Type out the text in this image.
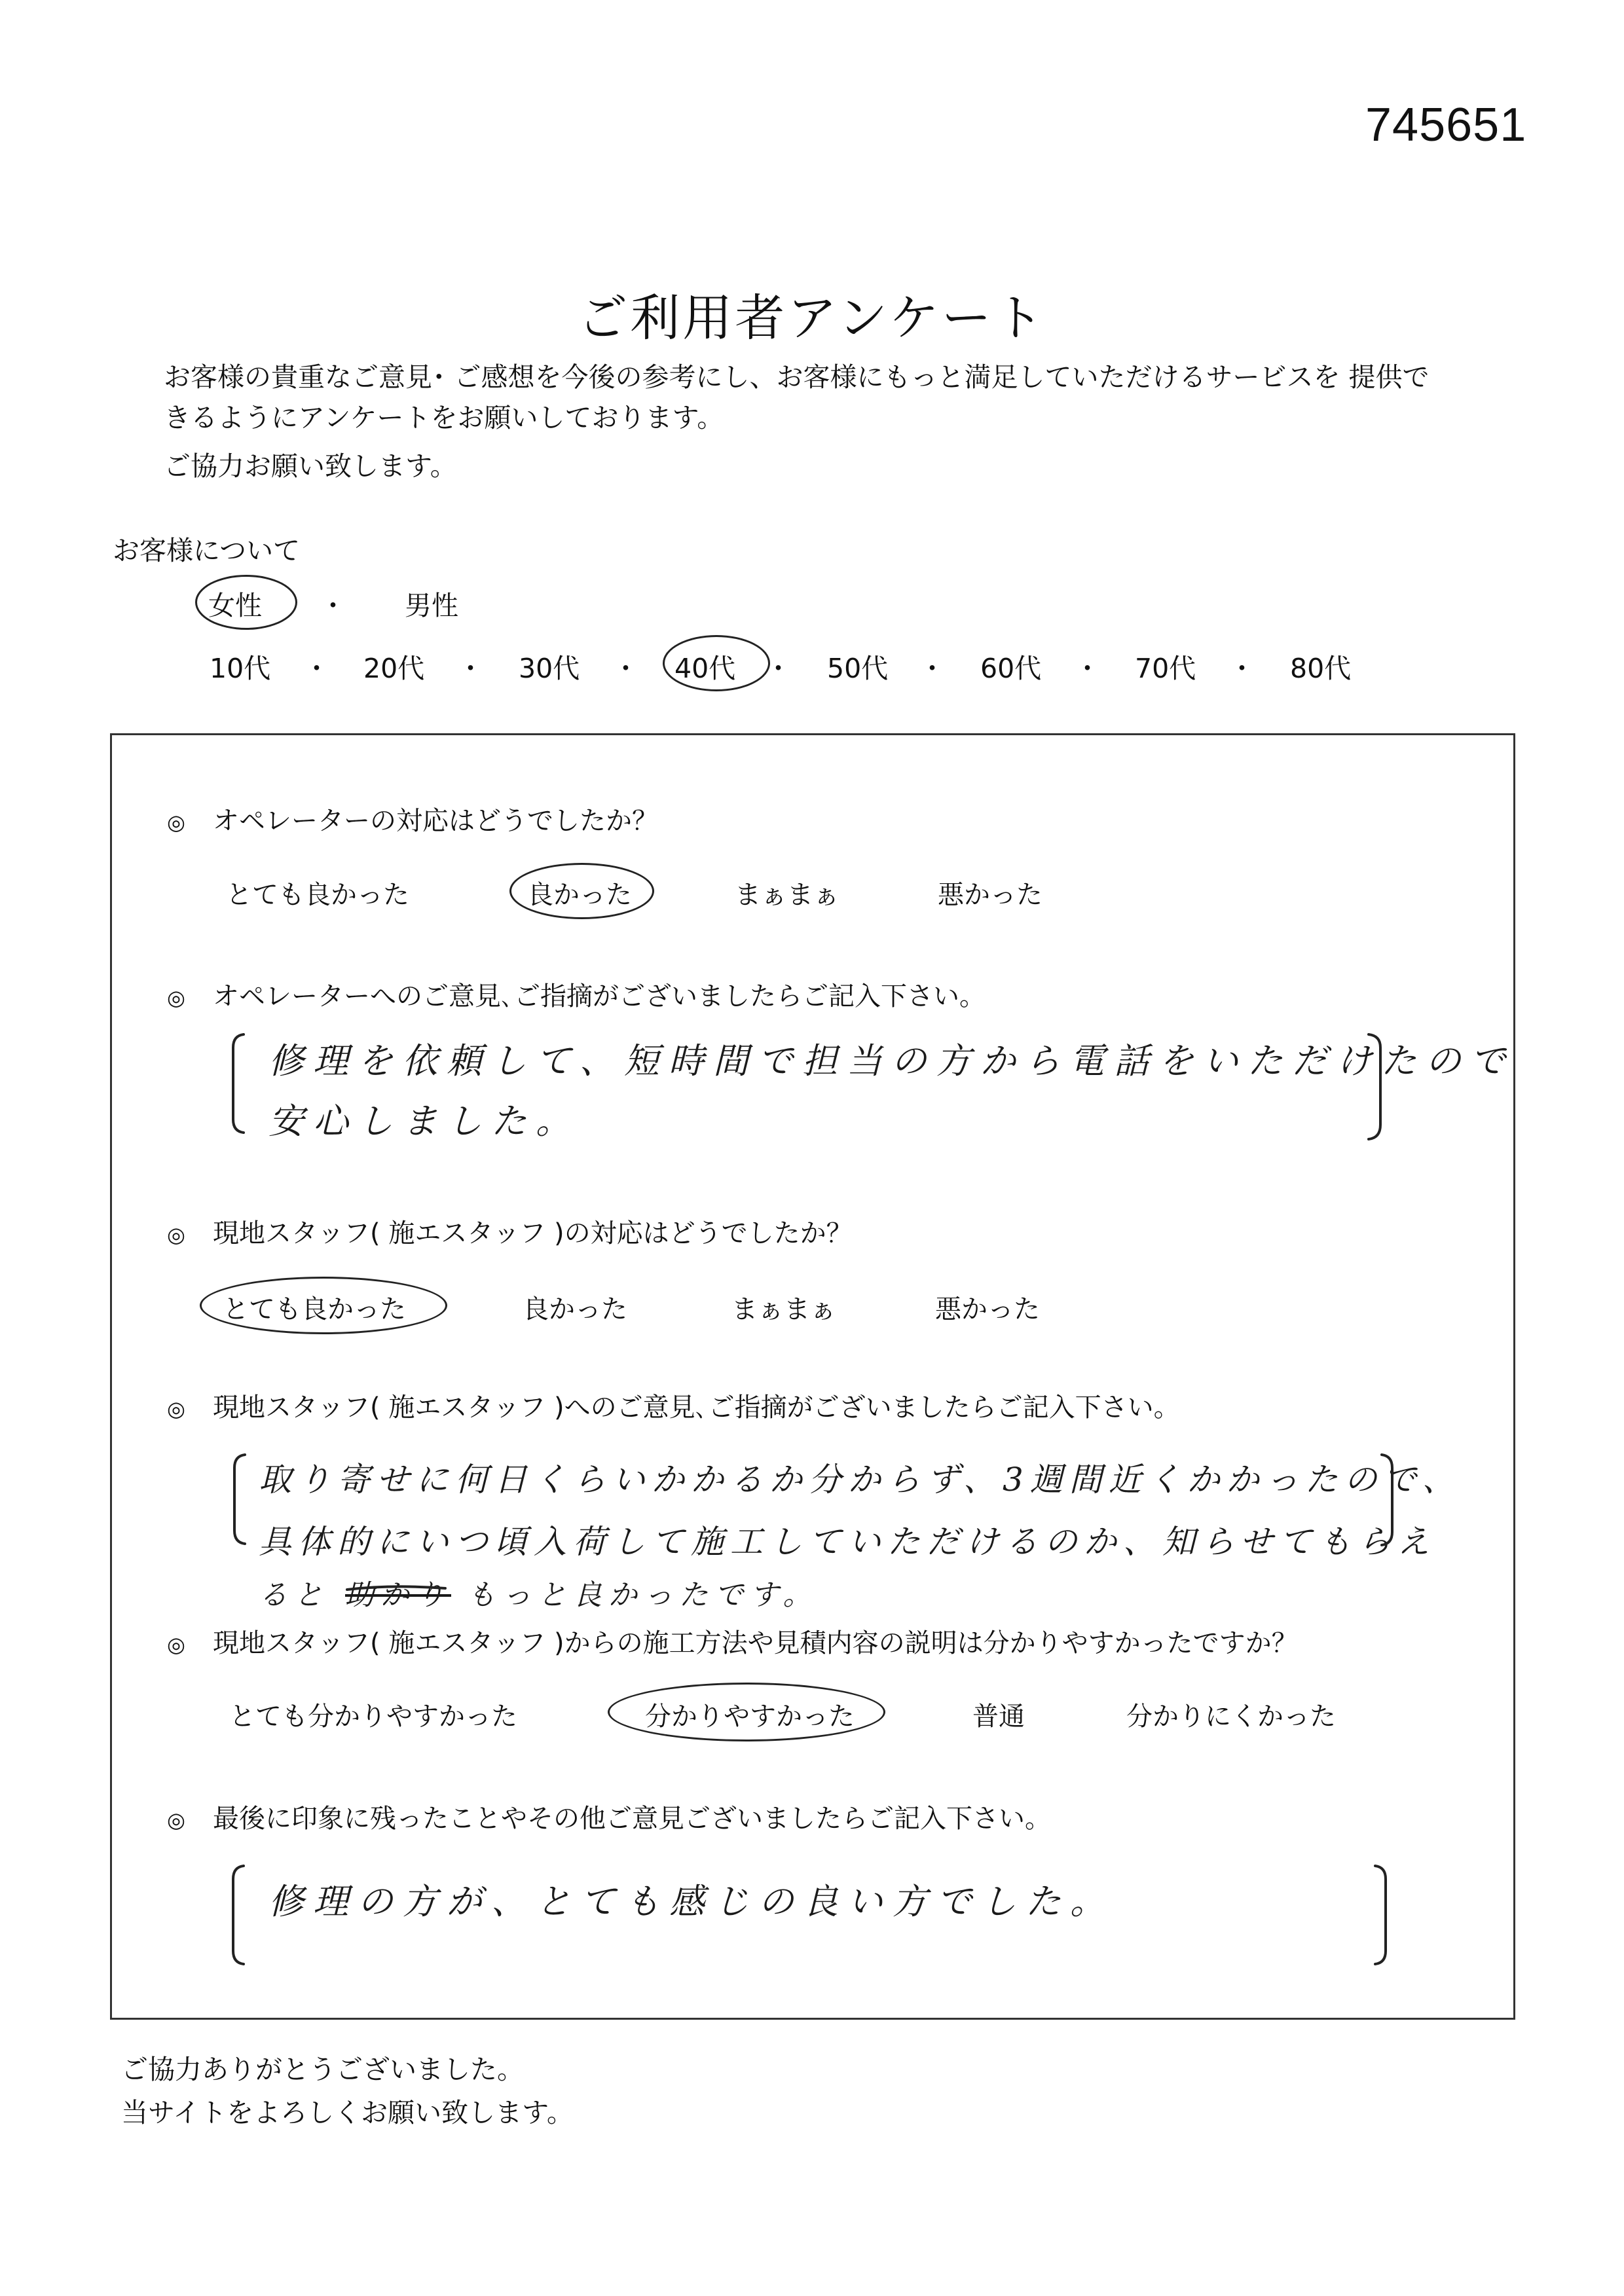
745651
ご利用者アンケート
お客様の貴重なご意見･ ご感想を今後の参考にし、お客様にもっと満足していただけるサービスを 提供で
きるようにアンケートをお願いしております。
ご協力お願い致します。
お客様について
女性 ・ 男性
10代 ・ 20代 ・ 30代 ・ 40代 ・ 50代 ・ 60代 ・ 70代 ・ 80代
◎ オペレーターの対応はどうでしたか？
とても良かった	良かった	まぁまぁ	悪かった
◎ オペレーターへのご意見､ご指摘がございましたらご記入下さい。
修理を依頼して、短時間で担当の方から電話をいただけたので
安心しました。
◎ 現地スタッフ( 施エスタッフ )の対応はどうでしたか？
とても良かった	良かった	まぁまぁ	悪かった
◎ 現地スタッフ( 施エスタッフ )へのご意見､ご指摘がございましたらご記入下さい。
取り寄せに何日くらいかかるか分からず、3週間近くかかったので、
具体的にいつ頃入荷して施工していただけるのか、知らせてもらえ
ると 助かり もっと良かったです。
◎ 現地スタッフ( 施エスタッフ )からの施工方法や見積内容の説明は分かりやすかったですか？
とても分かりやすかった	分かりやすかった	普通	分かりにくかった
◎ 最後に印象に残ったことやその他ご意見ございましたらご記入下さい。
修理の方が、とても感じの良い方でした。
ご協力ありがとうございました。
当サイトをよろしくお願い致します。
